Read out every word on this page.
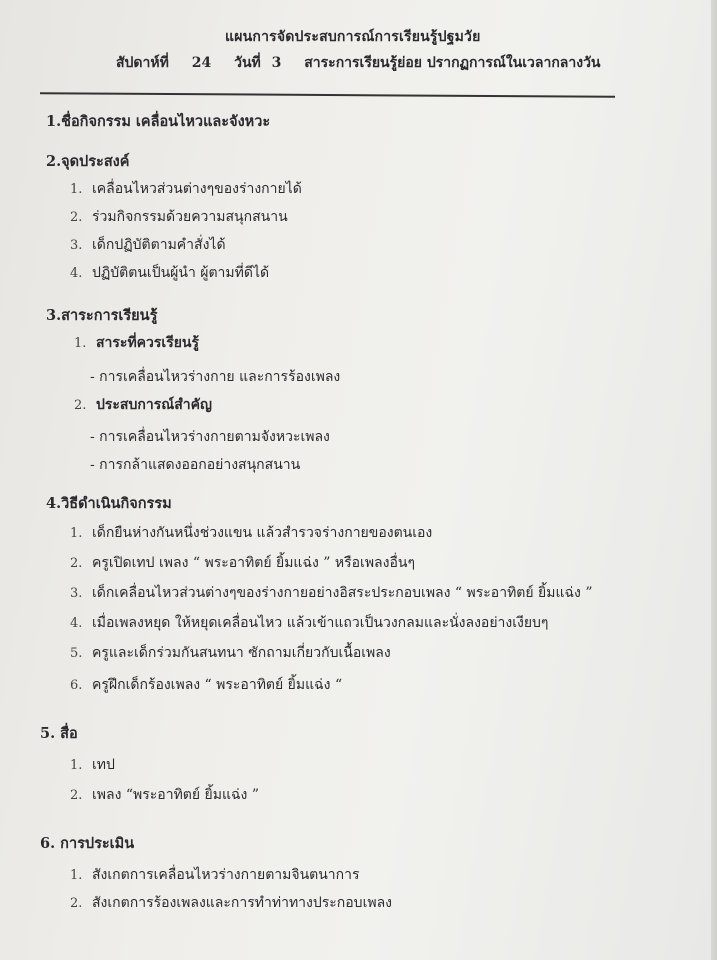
แผนการจัดประสบการณ์การเรียนรู้ปฐมวัย
สัปดาห์ที่ 24 วันที่ 3 สาระการเรียนรู้ย่อย ปรากฏการณ์ในเวลากลางวัน
1.ชื่อกิจกรรม เคลื่อนไหวและจังหวะ
2.จุดประสงค์
1. เคลื่อนไหวส่วนต่างๆของร่างกายได้
2. ร่วมกิจกรรมด้วยความสนุกสนาน
3. เด็กปฏิบัติตามคำสั่งได้
4. ปฏิบัติตนเป็นผู้นำ ผู้ตามที่ดีได้
3.สาระการเรียนรู้
1. สาระที่ควรเรียนรู้
- การเคลื่อนไหวร่างกาย และการร้องเพลง
2. ประสบการณ์สำคัญ
- การเคลื่อนไหวร่างกายตามจังหวะเพลง
- การกล้าแสดงออกอย่างสนุกสนาน
4.วิธีดำเนินกิจกรรม
1. เด็กยืนห่างกันหนึ่งช่วงแขน แล้วสำรวจร่างกายของตนเอง
2. ครูเปิดเทป เพลง “ พระอาทิตย์ ยิ้มแฉ่ง ” หรือเพลงอื่นๆ
3. เด็กเคลื่อนไหวส่วนต่างๆของร่างกายอย่างอิสระประกอบเพลง “ พระอาทิตย์ ยิ้มแฉ่ง ”
4. เมื่อเพลงหยุด ให้หยุดเคลื่อนไหว แล้วเข้าแถวเป็นวงกลมและนั่งลงอย่างเงียบๆ
5. ครูและเด็กร่วมกันสนทนา ซักถามเกี่ยวกับเนื้อเพลง
6. ครูฝึกเด็กร้องเพลง “ พระอาทิตย์ ยิ้มแฉ่ง “
5. สื่อ
1. เทป
2. เพลง “พระอาทิตย์ ยิ้มแฉ่ง ”
6. การประเมิน
1. สังเกตการเคลื่อนไหวร่างกายตามจินตนาการ
2. สังเกตการร้องเพลงและการทำท่าทางประกอบเพลง
